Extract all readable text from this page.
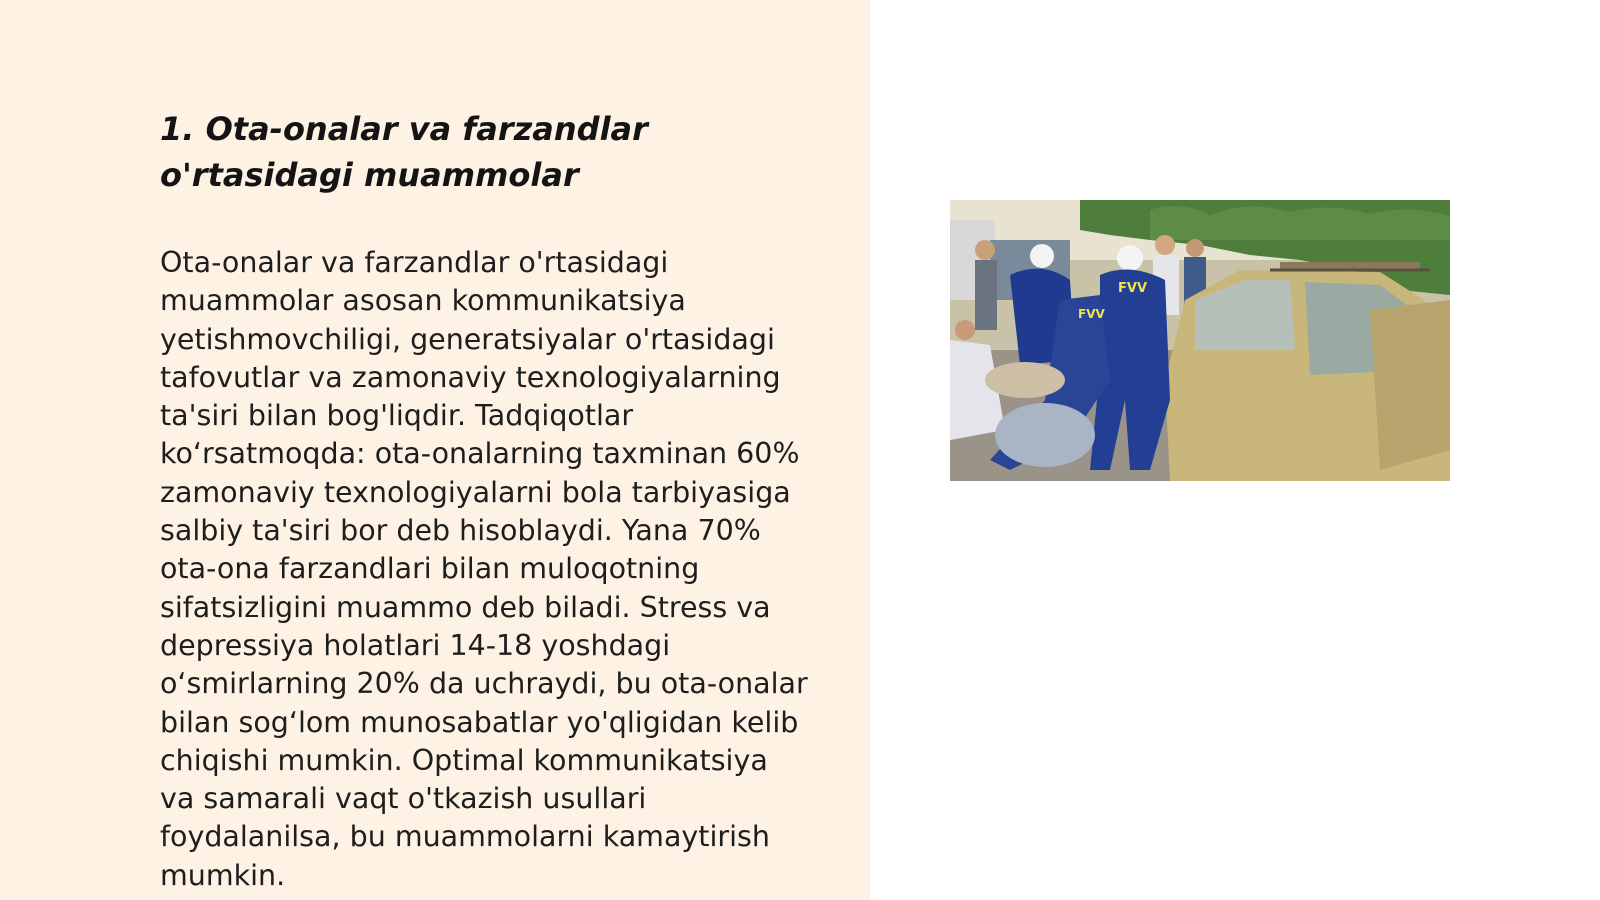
1. Ota-onalar va farzandlar
o'rtasidagi muammolar

Ota-onalar va farzandlar o'rtasidagi
muammolar asosan kommunikatsiya
yetishmovchiligi, generatsiyalar o'rtasidagi
tafovutlar va zamonaviy texnologiyalarning
ta'siri bilan bog'liqdir. Tadqiqotlar
koʻrsatmoqda: ota-onalarning taxminan 60%
zamonaviy texnologiyalarni bola tarbiyasiga
salbiy ta'siri bor deb hisoblaydi. Yana 70%
ota-ona farzandlari bilan muloqotning
sifatsizligini muammo deb biladi. Stress va
depressiya holatlari 14-18 yoshdagi
oʻsmirlarning 20% da uchraydi, bu ota-onalar
bilan sogʻlom munosabatlar yo'qligidan kelib
chiqishi mumkin. Optimal kommunikatsiya
va samarali vaqt o'tkazish usullari
foydalanilsa, bu muammolarni kamaytirish
mumkin.

FVV
FVV
